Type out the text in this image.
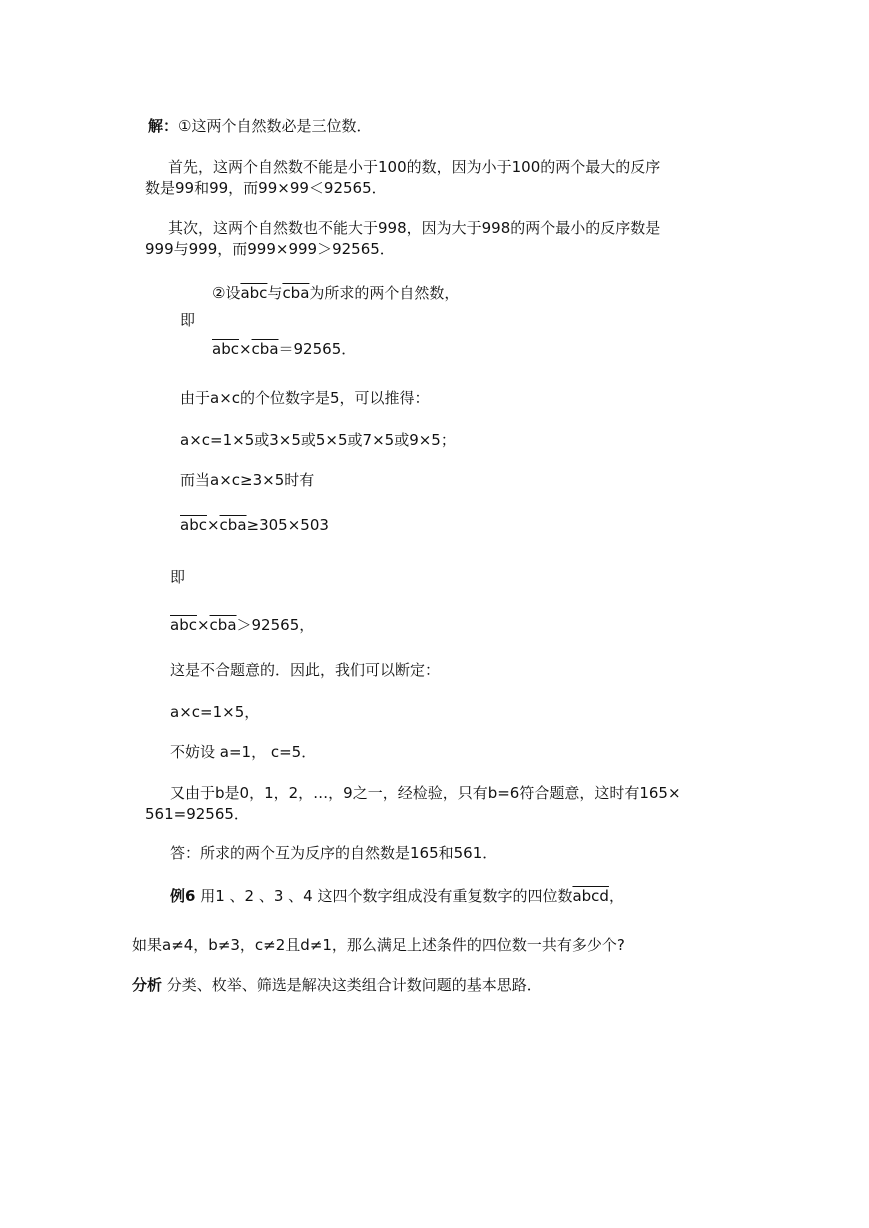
解：①这两个自然数必是三位数．
首先，这两个自然数不能是小于100的数，因为小于100的两个最大的反序
数是99和99，而99×99＜92565．
其次，这两个自然数也不能大于998，因为大于998的两个最小的反序数是
999与999，而999×999＞92565．
②设$\overline{abc}$与$\overline{cba}$为所求的两个自然数，
即
$\overline{abc}\times\overline{cba}=92565$．
由于a×c的个位数字是5，可以推得：
a×c=1×5或3×5或5×5或7×5或9×5；
而当a×c≥3×5时有
$\overline{abc}\times\overline{cba}\ge 305\times 503$
即
$\overline{abc}\times\overline{cba}>92565$，
这是不合题意的．因此，我们可以断定：
a×c=1×5，
不妨设 a=1， c=5．
又由于b是0，1，2，…，9之一，经检验，只有b=6符合题意，这时有165×
561=92565．
答：所求的两个互为反序的自然数是165和561．
例6 用1 、2 、3 、4 这四个数字组成没有重复数字的四位数abcd，
如果a≠4，b≠3，c≠2且d≠1，那么满足上述条件的四位数一共有多少个?
分析 分类、枚举、筛选是解决这类组合计数问题的基本思路．
